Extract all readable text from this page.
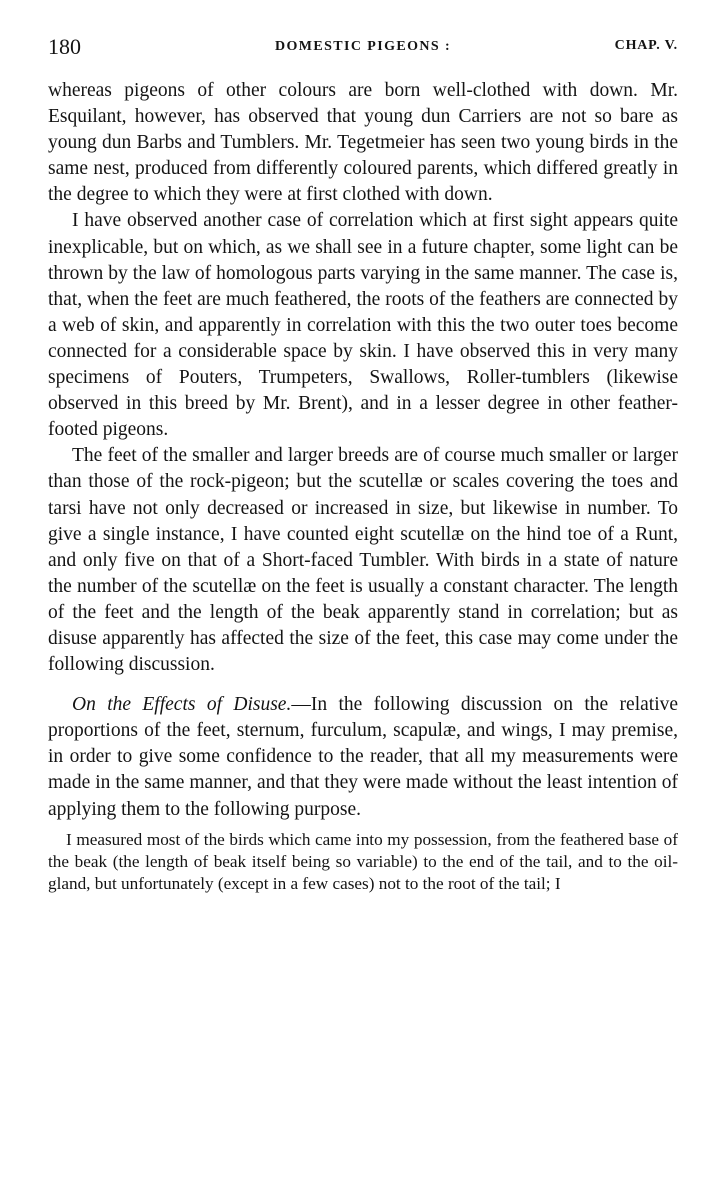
180	DOMESTIC PIGEONS :	CHAP. V.

whereas pigeons of other colours are born well-clothed with down. Mr. Esquilant, however, has observed that young dun Carriers are not so bare as young dun Barbs and Tumblers. Mr. Tegetmeier has seen two young birds in the same nest, produced from differently coloured parents, which differed greatly in the degree to which they were at first clothed with down.

I have observed another case of correlation which at first sight appears quite inexplicable, but on which, as we shall see in a future chapter, some light can be thrown by the law of homologous parts varying in the same manner. The case is, that, when the feet are much feathered, the roots of the feathers are connected by a web of skin, and apparently in correlation with this the two outer toes become connected for a considerable space by skin. I have observed this in very many specimens of Pouters, Trumpeters, Swallows, Roller-tumblers (likewise observed in this breed by Mr. Brent), and in a lesser degree in other feather-footed pigeons.

The feet of the smaller and larger breeds are of course much smaller or larger than those of the rock-pigeon; but the scutellæ or scales covering the toes and tarsi have not only decreased or increased in size, but likewise in number. To give a single instance, I have counted eight scutellæ on the hind toe of a Runt, and only five on that of a Short-faced Tumbler. With birds in a state of nature the number of the scutellæ on the feet is usually a constant character. The length of the feet and the length of the beak apparently stand in correlation; but as disuse apparently has affected the size of the feet, this case may come under the following discussion.

On the Effects of Disuse.—In the following discussion on the relative proportions of the feet, sternum, furculum, scapulæ, and wings, I may premise, in order to give some confidence to the reader, that all my measurements were made in the same manner, and that they were made without the least intention of applying them to the following purpose.

I measured most of the birds which came into my possession, from the feathered base of the beak (the length of beak itself being so variable) to the end of the tail, and to the oil-gland, but unfortunately (except in a few cases) not to the root of the tail; I
